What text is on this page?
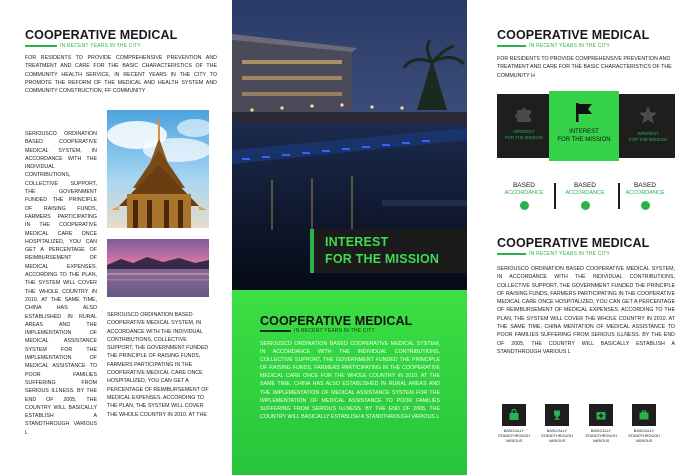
COOPERATIVE MEDICAL
IN RECENT YEARS IN THE CITY
FOR RESIDENTS TO PROVIDE COMPREHENSIVE PREVENTION AND TREATMENT AND CARE FOR THE BASIC CHARACTERISTICS OF THE COMMUNITY HEALTH SERVICE, IN RECENT YEARS IN THE CITY TO PROMOTE THE REFORM OF THE MEDICAL AND HEALTH SYSTEM AND COMMUNITY CONSTRUCTION, FF COMMUNITY
SERIOUSCO ORDINATION BASED COOPERATIVE MEDICAL SYSTEM, IN ACCORDANCE WITH THE INDIVIDUAL CONTRIBUTIONS, COLLECTIVE SUPPORT, THE GOVERNMENT FUNDED THE PRINCIPLE OF RAISING FUNDS, FARMERS PARTICIPATING IN THE COOPERATIVE MEDICAL CARE ONCE HOSPITALIZED, YOU CAN GET A PERCENTAGE OF REIMBURSEMENT OF MEDICAL EXPENSES. ACCORDING TO THE PLAN, THE SYSTEM WILL COVER THE WHOLE COUNTRY IN 2010. AT THE SAME TIME, CHINA HAS ALSO ESTABLISHED IN RURAL AREAS AND THE IMPLEMENTATION OF MEDICAL ASSISTANCE SYSTEM FOR THE IMPLEMENTATION OF MEDICAL ASSISTANCE TO POOR FAMILIES SUFFERING FROM SERIOUS ILLNESS. BY THE END OF 2005, THE COUNTRY WILL BASICALLY ESTABLISH A STANDTHROUGH VARIOUS L
SERIOUSCO ORDINATION BASED COOPERATIVE MEDICAL SYSTEM, IN ACCORDANCE WITH THE INDIVIDUAL CONTRIBUTIONS, COLLECTIVE SUPPORT, THE GOVERNMENT FUNDED THE PRINCIPLE OF RAISING FUNDS, FARMERS PARTICIPATING IN THE COOPERATIVE MEDICAL CARE ONCE HOSPITALIZED, YOU CAN GET A PERCENTAGE OF REIMBURSEMENT OF MEDICAL EXPENSES. ACCORDING TO THE PLAN, THE SYSTEM WILL COVER THE WHOLE COUNTRY IN 2010. AT THE
INTEREST
FOR THE MISSION
COOPERATIVE MEDICAL
IN RECENT YEARS IN THE CITY
SERIOUSCO ORDINATION BASED COOPERATIVE MEDICAL SYSTEM, IN ACCORDANCE WITH THE INDIVIDUAL CONTRIBUTIONS, COLLECTIVE SUPPORT, THE GOVERNMENT FUNDED THE PRINCIPLE OF RAISING FUNDS, FARMERS PARTICIPATING IN THE COOPERATIVE MEDICAL CARE ONCE FOR THE WHOLE COUNTRY IN 2010. AT THE SAME TIME, CHINA HAS ALSO ESTABLISHED IN RURAL AREAS AND THE IMPLEMENTATION OF MEDICAL ASSISTANCE SYSTEM FOR THE IMPLEMENTATION OF MEDICAL ASSISTANCE TO POOR FAMILIES SUFFERING FROM SERIOUS ILLNESS. BY THE END OF 2005, THE COUNTRY WILL BASICALLY ESTABLISH A STANDTHROUGH VARIOUS L
COOPERATIVE MEDICAL
IN RECENT YEARS IN THE CITY
FOR RESIDENTS TO PROVIDE COMPREHENSIVE PREVENTION AND TREATMENT AND CARE FOR THE BASIC CHARACTERISTICS OF THE COMMUNITY H
INTEREST
FOR THE MISSION
INTEREST
FOR THE MISSION
INTEREST
FOR THE MISSION
BASED
ACCORDANCE
BASED
ACCORDANCE
BASED
ACCORDANCE
COOPERATIVE MEDICAL
IN RECENT YEARS IN THE CITY
SERIOUSCO ORDINATION BASED COOPERATIVE MEDICAL SYSTEM, IN ACCORDANCE WITH THE INDIVIDUAL CONTRIBUTIONS, COLLECTIVE SUPPORT, THE GOVERNMENT FUNDED THE PRINCIPLE OF RAISING FUNDS, FARMERS PARTICIPATING IN THE COOPERATIVE MEDICAL CARE ONCE HOSPITALIZED, YOU CAN GET A PERCENTAGE OF REIMBURSEMENT OF MEDICAL EXPENSES. ACCORDING TO THE PLAN, THE SYSTEM WILL COVER THE WHOLE COUNTRY IN 2010. AT THE SAME TIME, CHINA MENTATION OF MEDICAL ASSISTANCE TO POOR FAMILIES SUFFERING FROM SERIOUS ILLNESS. BY THE END OF 2005, THE COUNTRY WILL BASICALLY ESTABLISH A STANDTHROUGH VARIOUS L
BASICALLY
STANDTHROUGH
VARIOUS
BASICALLY
STANDTHROUGH
VARIOUS
BASICALLY
STANDTHROUGH
VARIOUS
BASICALLY
STANDTHROUGH
VARIOUS
